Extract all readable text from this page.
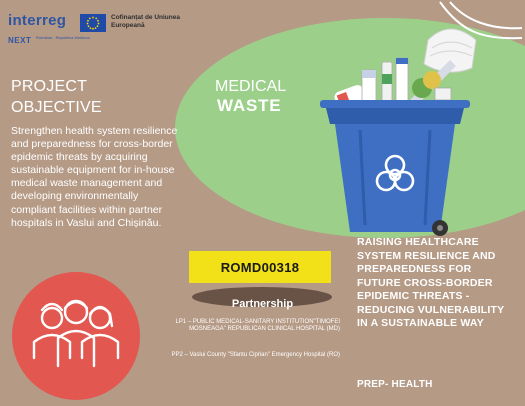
interreg	Cofinanțat de Uniunea Europeană
NEXT România - Republica Moldova
MEDICAL
WASTE
PROJECT OBJECTIVE
Strengthen health system resilience and preparedness for cross-border epidemic threats by acquiring sustainable equipment for in-house medical waste management and developing environmentally compliant facilities within partner hospitals in Vaslui and Chișinău.
ROMD00318
Partnership
LP1 – PUBLIC MEDICAL-SANITARY INSTITUTION"TIMOFEI MOSNEAGA" REPUBLICAN CLINICAL HOSPITAL (MD)
PP2 – Vaslui County "Sfantu Ciprian" Emergency Hospital (RO)
RAISING HEALTHCARE SYSTEM RESILIENCE AND PREPAREDNESS FOR FUTURE CROSS-BORDER EPIDEMIC THREATS - REDUCING VULNERABILITY IN A SUSTAINABLE WAY
PREP- HEALTH
